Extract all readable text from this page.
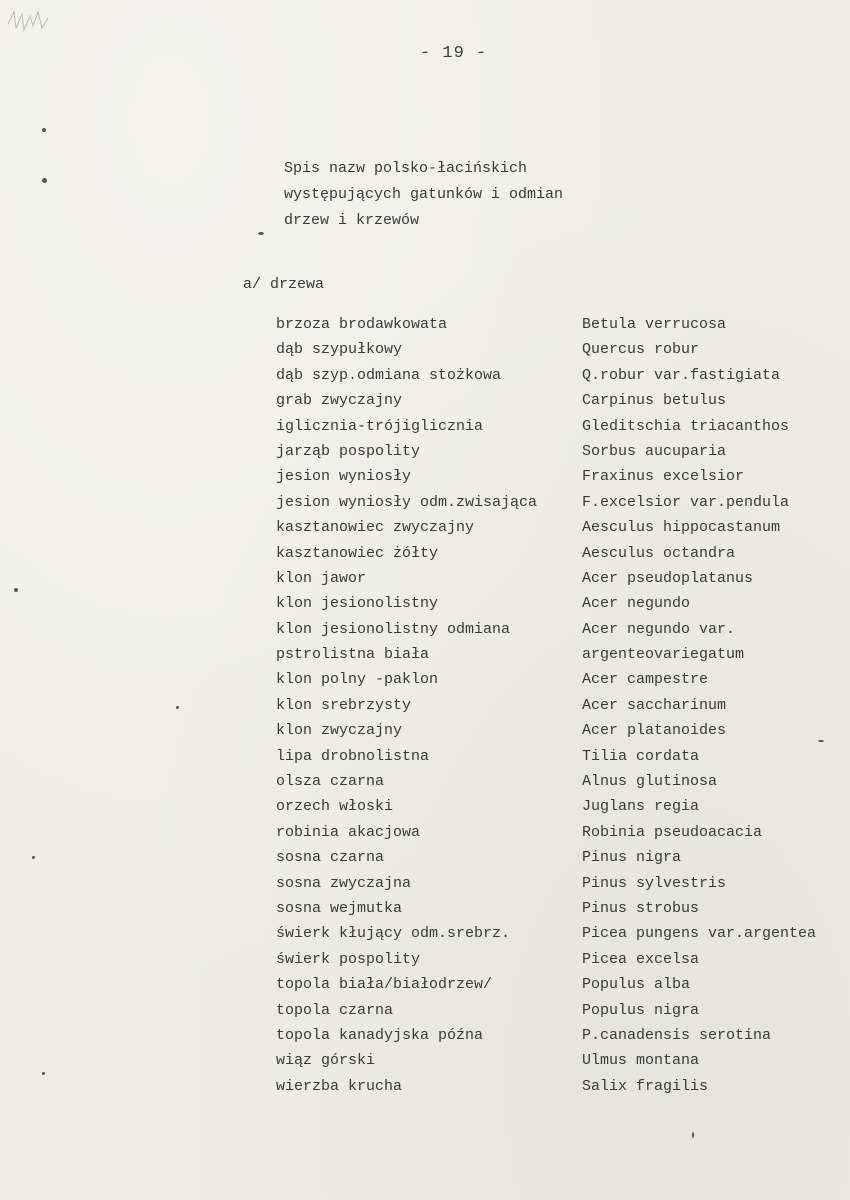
- 19 -
Spis nazw polsko-łacińskich
występujących gatunków i odmian
drzew i krzewów
a/ drzewa
brzoza brodawkowata	Betula verrucosa
dąb szypułkowy	Quercus robur
dąb szyp.odmiana stożkowa	Q.robur var.fastigiata
grab zwyczajny	Carpinus betulus
iglicznia-trójiglicznia	Gleditschia triacanthos
jarząb pospolity	Sorbus aucuparia
jesion wyniosły	Fraxinus excelsior
jesion wyniosły odm.zwisająca	F.excelsior var.pendula
kasztanowiec zwyczajny	Aesculus hippocastanum
kasztanowiec żółty	Aesculus octandra
klon jawor	Acer pseudoplatanus
klon jesionolistny	Acer negundo
klon jesionolistny odmiana	Acer negundo var.
pstrolistna biała	argenteovariegatum
klon polny -paklon	Acer campestre
klon srebrzysty	Acer saccharinum
klon zwyczajny	Acer platanoides
lipa drobnolistna	Tilia cordata
olsza czarna	Alnus glutinosa
orzech włoski	Juglans regia
robinia akacjowa	Robinia pseudoacacia
sosna czarna	Pinus nigra
sosna zwyczajna	Pinus sylvestris
sosna wejmutka	Pinus strobus
świerk kłujący odm.srebrz.	Picea pungens var.argentea
świerk pospolity	Picea excelsa
topola biała/białodrzew/	Populus alba
topola czarna	Populus nigra
topola kanadyjska późna	P.canadensis serotina
wiąz górski	Ulmus montana
wierzba krucha	Salix fragilis
